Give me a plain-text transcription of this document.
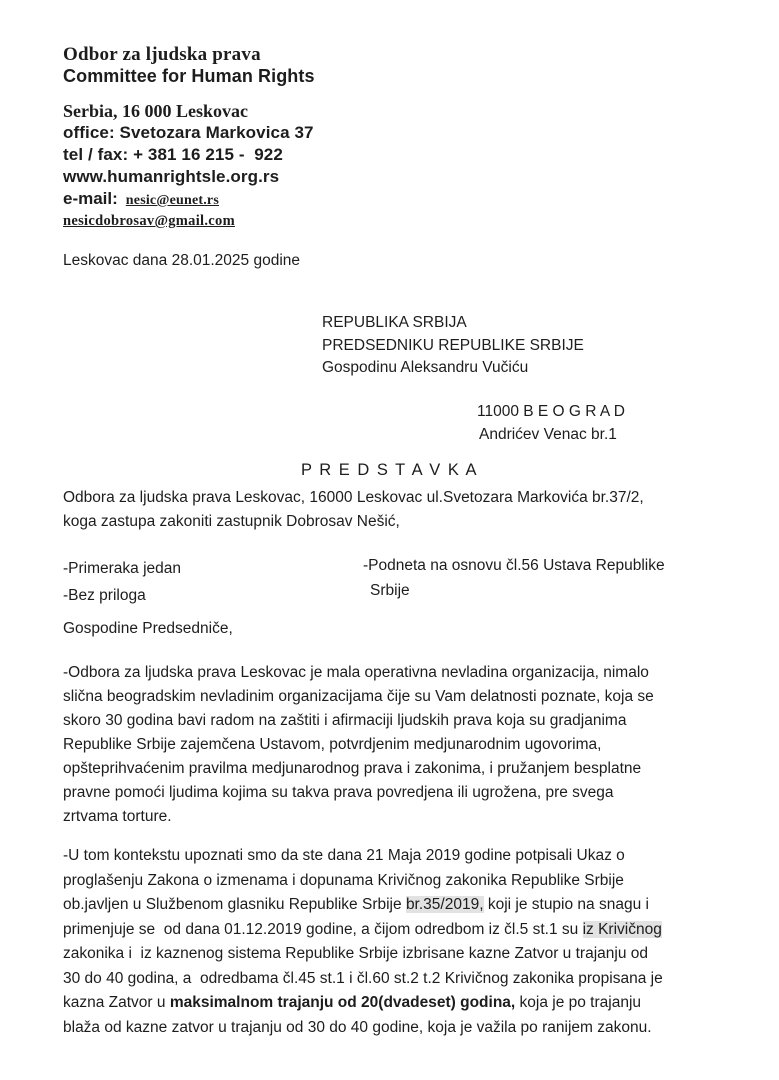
Odbor za ljudska prava
Committee for Human Rights
Serbia, 16 000 Leskovac
office: Svetozara Markovica 37
tel / fax: + 381 16 215 -  922
www.humanrightsle.org.rs
e-mail: nesic@eunet.rs
nesicdobrosav@gmail.com
Leskovac dana 28.01.2025 godine
REPUBLIKA SRBIJA
PREDSEDNIKU REPUBLIKE SRBIJE
Gospodinu Aleksandru Vučiću
11000 B E O G R A D
Andrićev Venac br.1
P R E D S T A V K A
Odbora za ljudska prava Leskovac, 16000 Leskovac ul.Svetozara Markovića br.37/2,
koga zastupa zakoniti zastupnik Dobrosav Nešić,
-Primeraka jedan
-Bez priloga
-Podneta na osnovu čl.56 Ustava Republike
Srbije
Gospodine Predsedniče,
-Odbora za ljudska prava Leskovac je mala operativna nevladina organizacija, nimalo
slična beogradskim nevladinim organizacijama čije su Vam delatnosti poznate, koja se
skoro 30 godina bavi radom na zaštiti i afirmaciji ljudskih prava koja su gradjanima
Republike Srbije zajemčena Ustavom, potvrdjenim medjunarodnim ugovorima,
opšteprihvaćenim pravilma medjunarodnog prava i zakonima, i pružanjem besplatne
pravne pomoći ljudima kojima su takva prava povredjena ili ugrožena, pre svega
zrtvama torture.
-U tom kontekstu upoznati smo da ste dana 21 Maja 2019 godine potpisali Ukaz o
proglašenju Zakona o izmenama i dopunama Krivičnog zakonika Republike Srbije
ob.javljen u Službenom glasniku Republike Srbije br.35/2019, koji je stupio na snagu i
primenjuje se  od dana 01.12.2019 godine, a čijom odredbom iz čl.5 st.1 su iz Krivičnog
zakonika i  iz kaznenog sistema Republike Srbije izbrisane kazne Zatvor u trajanju od
30 do 40 godina, a  odredbama čl.45 st.1 i čl.60 st.2 t.2 Krivičnog zakonika propisana je
kazna Zatvor u maksimalnom trajanju od 20(dvadeset) godina, koja je po trajanju
blaža od kazne zatvor u trajanju od 30 do 40 godine, koja je važila po ranijem zakonu.
